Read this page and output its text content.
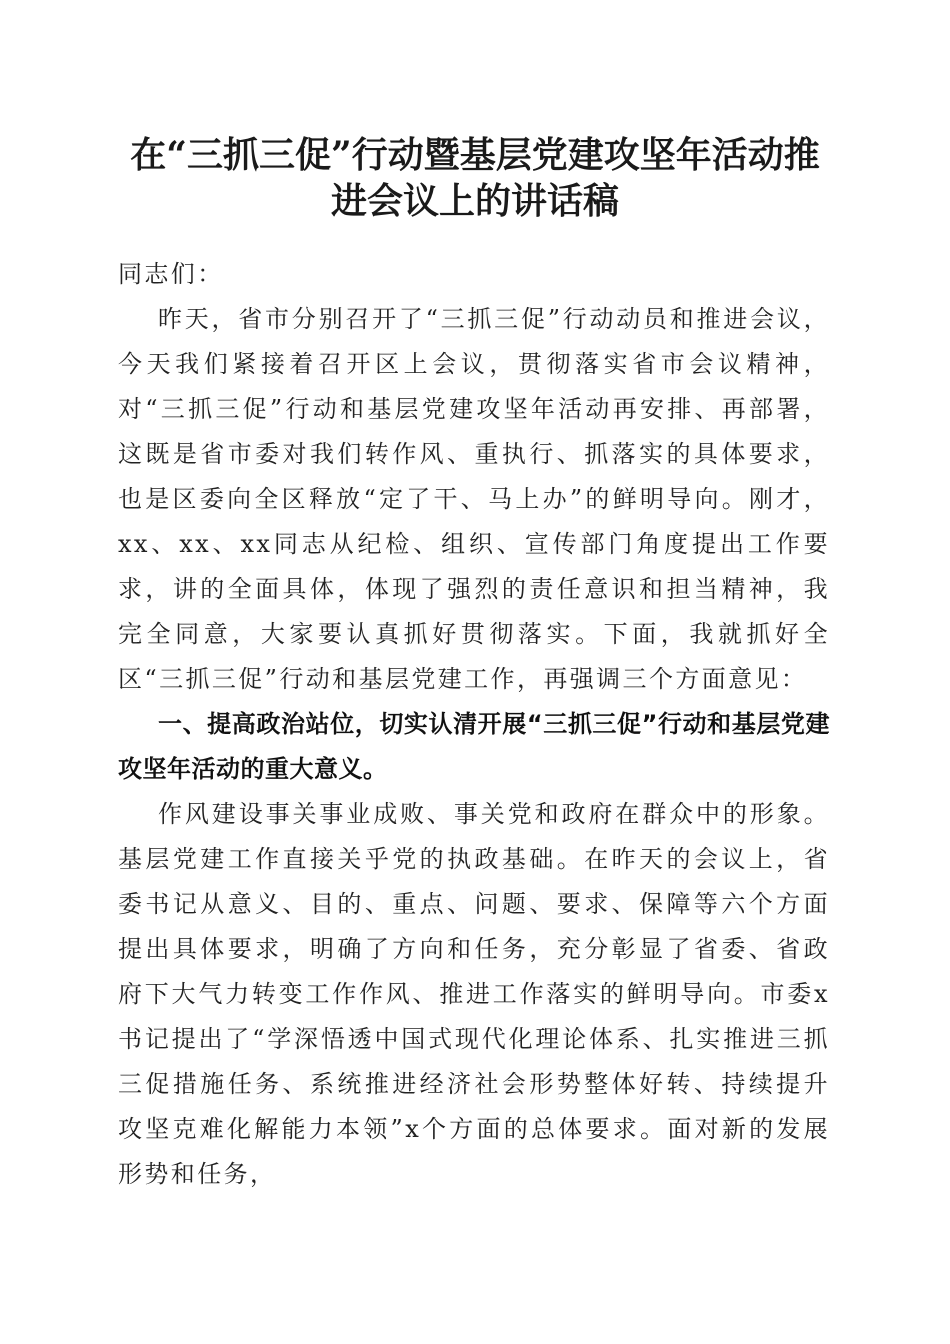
在“三抓三促”行动暨基层党建攻坚年活动推
进会议上的讲话稿

同志们：

昨天，省市分别召开了“三抓三促”行动动员和推进会议，今天我们紧接着召开区上会议，贯彻落实省市会议精神，对“三抓三促”行动和基层党建攻坚年活动再安排、再部署，这既是省市委对我们转作风、重执行、抓落实的具体要求，也是区委向全区释放“定了干、马上办”的鲜明导向。刚才，xx、xx、xx同志从纪检、组织、宣传部门角度提出工作要求，讲的全面具体，体现了强烈的责任意识和担当精神，我完全同意，大家要认真抓好贯彻落实。下面，我就抓好全区“三抓三促”行动和基层党建工作，再强调三个方面意见：

一、提高政治站位，切实认清开展“三抓三促”行动和基层党建攻坚年活动的重大意义。

作风建设事关事业成败、事关党和政府在群众中的形象。基层党建工作直接关乎党的执政基础。在昨天的会议上，省委书记从意义、目的、重点、问题、要求、保障等六个方面提出具体要求，明确了方向和任务，充分彰显了省委、省政府下大气力转变工作作风、推进工作落实的鲜明导向。市委x书记提出了“学深悟透中国式现代化理论体系、扎实推进三抓三促措施任务、系统推进经济社会形势整体好转、持续提升攻坚克难化解能力本领”x个方面的总体要求。面对新的发展形势和任务，
